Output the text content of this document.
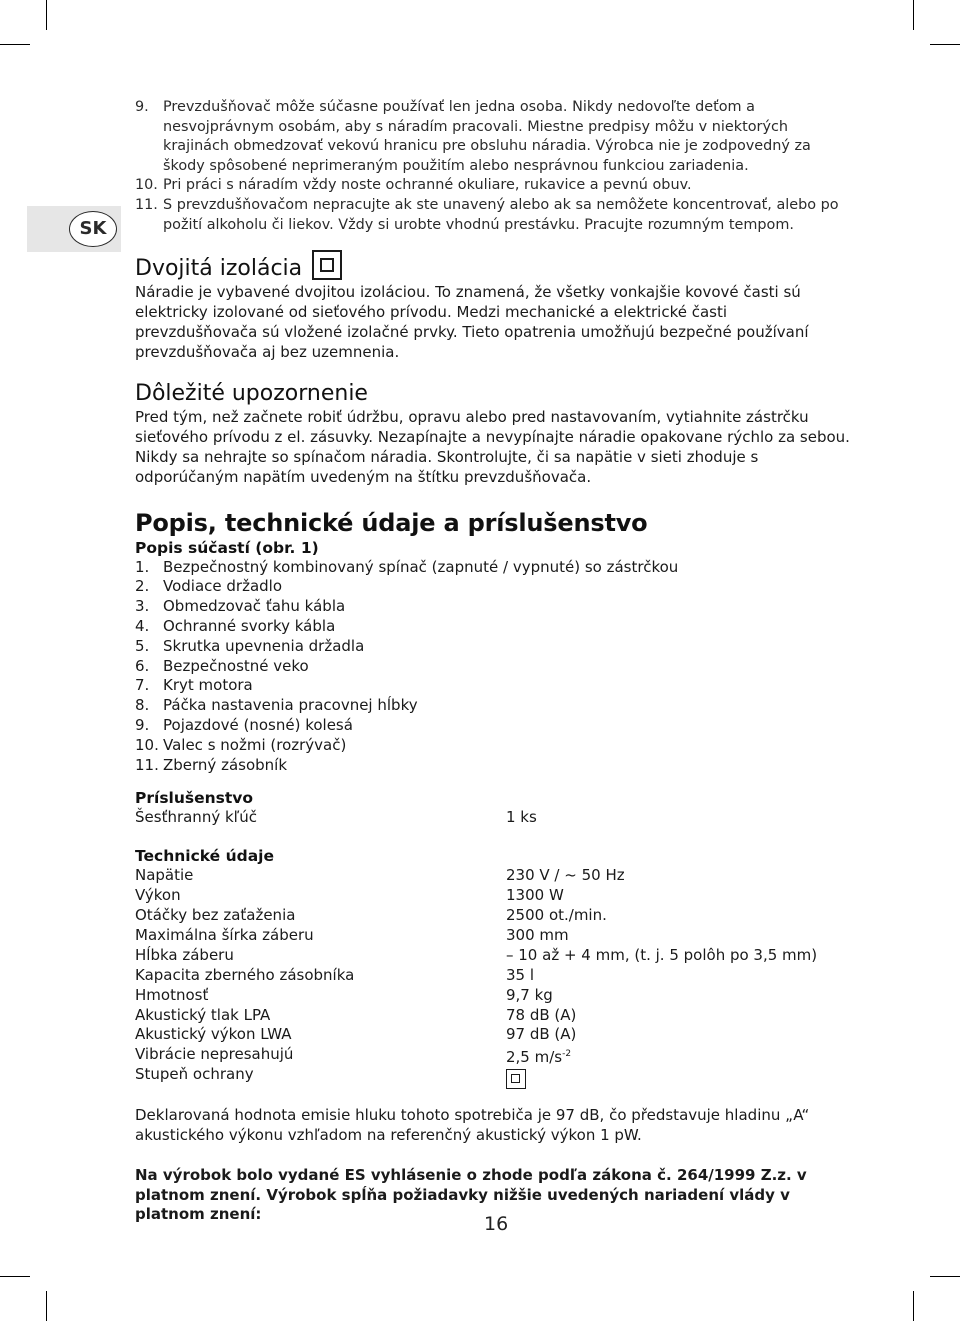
SK
9. Prevzdušňovač môže súčasne používať len jedna osoba. Nikdy nedovoľte deťom a nesvojprávnym osobám, aby s náradím pracovali. Miestne predpisy môžu v niektorých krajinách obmedzovať vekovú hranicu pre obsluhu náradia. Výrobca nie je zodpovedný za škody spôsobené neprimeraným použitím alebo nesprávnou funkciou zariadenia.
10. Pri práci s náradím vždy noste ochranné okuliare, rukavice a pevnú obuv.
11. S prevzdušňovačom nepracujte ak ste unavený alebo ak sa nemôžete koncentrovať, alebo po požití alkoholu či liekov. Vždy si urobte vhodnú prestávku. Pracujte rozumným tempom.
Dvojitá izolácia
Náradie je vybavené dvojitou izoláciou. To znamená, že všetky vonkajšie kovové časti sú elektricky izolované od sieťového prívodu. Medzi mechanické a elektrické časti prevzdušňovača sú vložené izolačné prvky. Tieto opatrenia umožňujú bezpečné používaní prevzdušňovača aj bez uzemnenia.
Dôležité upozornenie
Pred tým, než začnete robiť údržbu, opravu alebo pred nastavovaním, vytiahnite zástrčku sieťového prívodu z el. zásuvky. Nezapínajte a nevypínajte náradie opakovane rýchlo za sebou. Nikdy sa nehrajte so spínačom náradia. Skontrolujte, či sa napätie v sieti zhoduje s odporúčaným napätím uvedeným na štítku prevzdušňovača.
Popis, technické údaje a príslušenstvo
Popis súčastí (obr. 1)
1. Bezpečnostný kombinovaný spínač (zapnuté / vypnuté) so zástrčkou
2. Vodiace držadlo
3. Obmedzovač ťahu kábla
4. Ochranné svorky kábla
5. Skrutka upevnenia držadla
6. Bezpečnostné veko
7. Kryt motora
8. Páčka nastavenia pracovnej hĺbky
9. Pojazdové (nosné) kolesá
10. Valec s nožmi (rozrývač)
11. Zberný zásobník
Príslušenstvo
Šesťhranný kľúč	1 ks
Technické údaje
Napätie	230 V / ~ 50 Hz
Výkon	1300 W
Otáčky bez zaťaženia	2500 ot./min.
Maximálna šírka záberu	300 mm
Hĺbka záberu	– 10 až + 4 mm, (t. j. 5 polôh po 3,5 mm)
Kapacita zberného zásobníka	35 l
Hmotnosť	9,7 kg
Akustický tlak LPA	78 dB (A)
Akustický výkon LWA	97 dB (A)
Vibrácie nepresahujú	2,5 $m/s^{-2}$
Stupeň ochrany
Deklarovaná hodnota emisie hluku tohoto spotrebiča je 97 dB, čo představuje hladinu „A“ akustického výkonu vzhľadom na referenčný akustický výkon 1 pW.
Na výrobok bolo vydané ES vyhlásenie o zhode podľa zákona č. 264/1999 Z.z. v platnom znení. Výrobok spĺňa požiadavky nižšie uvedených nariadení vlády v platnom znení:	16
